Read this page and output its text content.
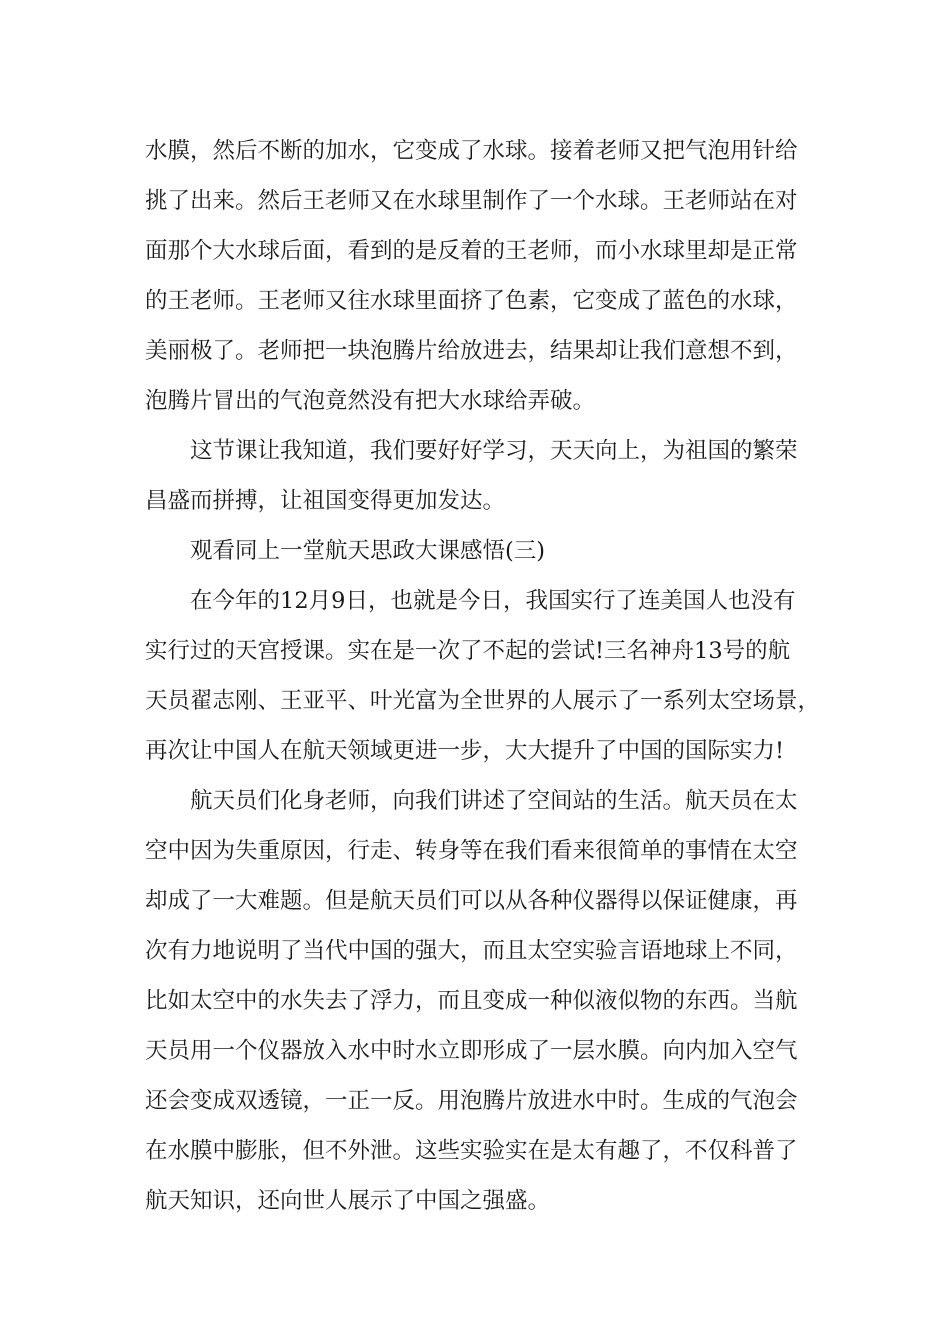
水膜，然后不断的加水，它变成了水球。接着老师又把气泡用针给
挑了出来。然后王老师又在水球里制作了一个水球。王老师站在对
面那个大水球后面，看到的是反着的王老师，而小水球里却是正常
的王老师。王老师又往水球里面挤了色素，它变成了蓝色的水球，
美丽极了。老师把一块泡腾片给放进去，结果却让我们意想不到，
泡腾片冒出的气泡竟然没有把大水球给弄破。
这节课让我知道，我们要好好学习，天天向上，为祖国的繁荣
昌盛而拼搏，让祖国变得更加发达。
观看同上一堂航天思政大课感悟(三)
在今年的12月9日，也就是今日，我国实行了连美国人也没有
实行过的天宫授课。实在是一次了不起的尝试!三名神舟13号的航
天员翟志刚、王亚平、叶光富为全世界的人展示了一系列太空场景，
再次让中国人在航天领域更进一步，大大提升了中国的国际实力!
航天员们化身老师，向我们讲述了空间站的生活。航天员在太
空中因为失重原因，行走、转身等在我们看来很简单的事情在太空
却成了一大难题。但是航天员们可以从各种仪器得以保证健康，再
次有力地说明了当代中国的强大，而且太空实验言语地球上不同，
比如太空中的水失去了浮力，而且变成一种似液似物的东西。当航
天员用一个仪器放入水中时水立即形成了一层水膜。向内加入空气
还会变成双透镜，一正一反。用泡腾片放进水中时。生成的气泡会
在水膜中膨胀，但不外泄。这些实验实在是太有趣了，不仅科普了
航天知识，还向世人展示了中国之强盛。
